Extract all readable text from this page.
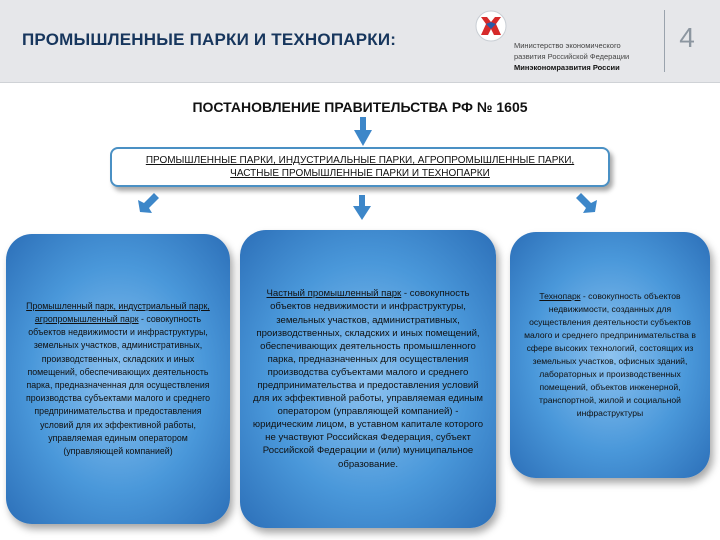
ПРОМЫШЛЕННЫЕ ПАРКИ И ТЕХНОПАРКИ:	Министерство экономического
развития Российской Федерации
Минэкономразвития России
4
ПОСТАНОВЛЕНИЕ ПРАВИТЕЛЬСТВА РФ № 1605
ПРОМЫШЛЕННЫЕ ПАРКИ, ИНДУСТРИАЛЬНЫЕ ПАРКИ, АГРОПРОМЫШЛЕННЫЕ ПАРКИ, ЧАСТНЫЕ ПРОМЫШЛЕННЫЕ ПАРКИ И ТЕХНОПАРКИ
Промышленный парк, индустриальный парк, агропромышленный парк - совокупность объектов недвижимости и инфраструктуры, земельных участков, административных, производственных, складских и иных помещений, обеспечивающих деятельность парка, предназначенная для осуществления производства субъектами малого и среднего предпринимательства и предоставления условий для их эффективной работы, управляемая единым оператором (управляющей компанией)
Частный промышленный парк - совокупность объектов недвижимости и инфраструктуры, земельных участков, административных, производственных, складских и иных помещений, обеспечивающих деятельность промышленного парка, предназначенных для осуществления производства субъектами малого и среднего предпринимательства и предоставления условий для их эффективной работы, управляемая единым оператором (управляющей компанией) - юридическим лицом, в уставном капитале которого не участвуют Российская Федерация, субъект Российской Федерации и (или) муниципальное образование.
Технопарк - совокупность объектов недвижимости, созданных для осуществления деятельности субъектов малого и среднего предпринимательства в сфере высоких технологий, состоящих из земельных участков, офисных зданий, лабораторных и производственных помещений, объектов инженерной, транспортной, жилой и социальной инфраструктуры
